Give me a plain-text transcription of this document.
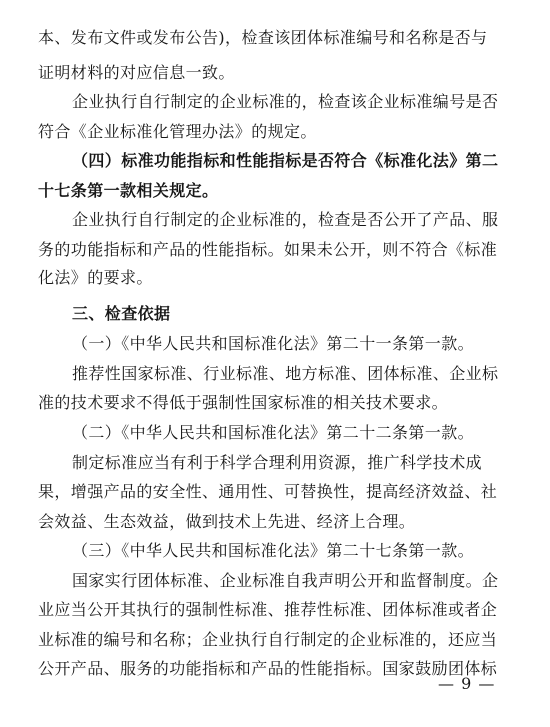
本、发布文件或发布公告)，检查该团体标准编号和名称是否与
证明材料的对应信息一致。
企业执行自行制定的企业标准的，检查该企业标准编号是否
符合《企业标准化管理办法》的规定。
（四）标准功能指标和性能指标是否符合《标准化法》第二
十七条第一款相关规定。
企业执行自行制定的企业标准的，检查是否公开了产品、服
务的功能指标和产品的性能指标。如果未公开，则不符合《标准
化法》的要求。
三、检查依据
（一）《中华人民共和国标准化法》第二十一条第一款。
推荐性国家标准、行业标准、地方标准、团体标准、企业标
准的技术要求不得低于强制性国家标准的相关技术要求。
（二）《中华人民共和国标准化法》第二十二条第一款。
制定标准应当有利于科学合理利用资源，推广科学技术成
果，增强产品的安全性、通用性、可替换性，提高经济效益、社
会效益、生态效益，做到技术上先进、经济上合理。
（三）《中华人民共和国标准化法》第二十七条第一款。
国家实行团体标准、企业标准自我声明公开和监督制度。企
业应当公开其执行的强制性标准、推荐性标准、团体标准或者企
业标准的编号和名称；企业执行自行制定的企业标准的，还应当
公开产品、服务的功能指标和产品的性能指标。国家鼓励团体标
— 9 —
